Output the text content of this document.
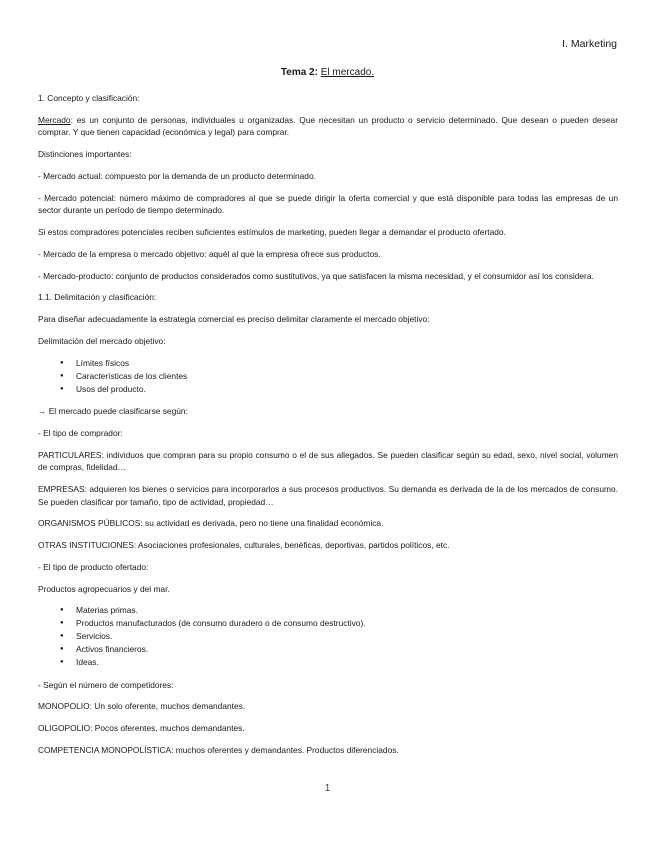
I. Marketing
Tema 2: El mercado.

1. Concepto y clasificación:

Mercado: es un conjunto de personas, individuales u organizadas. Que necesitan un producto o servicio determinado. Que desean o pueden desear comprar. Y que tienen capacidad (económica y legal) para comprar.

Distinciones importantes:

- Mercado actual: compuesto por la demanda de un producto determinado.

- Mercado potencial: número máximo de compradores al que se puede dirigir la oferta comercial y que está disponible para todas las empresas de un sector durante un período de tiempo determinado.

Si estos compradores potenciales reciben suficientes estímulos de marketing, pueden llegar a demandar el producto ofertado.

- Mercado de la empresa o mercado objetivo: aquél al que la empresa ofrece sus productos.

- Mercado-producto: conjunto de productos considerados como sustitutivos, ya que satisfacen la misma necesidad, y el consumidor así los considera.

1.1. Delimitación y clasificación:

Para diseñar adecuadamente la estrategia comercial es preciso delimitar claramente el mercado objetivo:

Delimitación del mercado objetivo:

● Límites físicos
● Características de los clientes
● Usos del producto.

→ El mercado puede clasificarse según:

- El tipo de comprador:

PARTICULARES: individuos que compran para su propio consumo o el de sus allegados. Se pueden clasificar según su edad, sexo, nivel social, volumen de compras, fidelidad…

EMPRESAS: adquieren los bienes o servicios para incorporarlos a sus procesos productivos. Su demanda es derivada de la de los mercados de consumo. Se pueden clasificar por tamaño, tipo de actividad, propiedad…

ORGANISMOS PÚBLICOS: su actividad es derivada, pero no tiene una finalidad económica.

OTRAS INSTITUCIONES: Asociaciones profesionales, culturales, benéficas, deportivas, partidos políticos, etc.

- El tipo de producto ofertado:

Productos agropecuarios y del mar.

● Materias primas.
● Productos manufacturados (de consumo duradero o de consumo destructivo).
● Servicios.
● Activos financieros.
● Ideas.

- Según el número de competidores:

MONOPOLIO: Un solo oferente, muchos demandantes.

OLIGOPOLIO: Pocos oferentes, muchos demandantes.

COMPETENCIA MONOPOLÍSTICA: muchos oferentes y demandantes. Productos diferenciados.

1
